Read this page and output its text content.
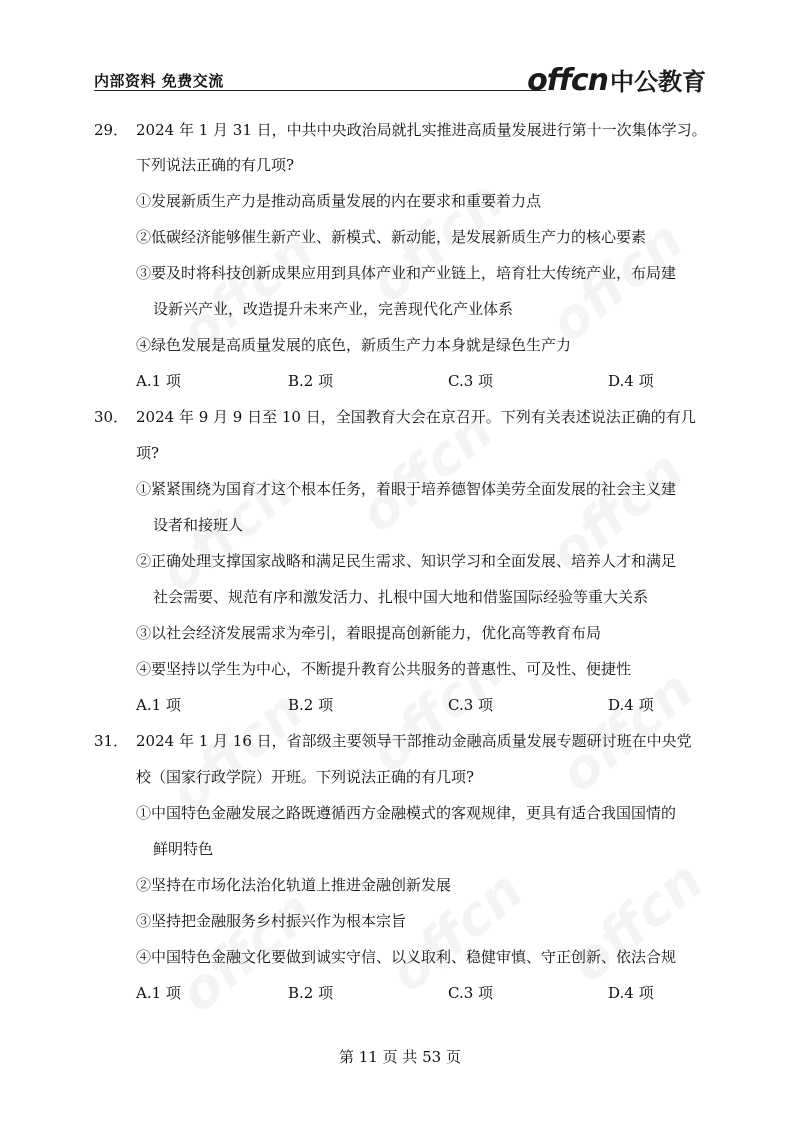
内部资料 免费交流	offcn中公教育
29． 2024 年 1 月 31 日，中共中央政治局就扎实推进高质量发展进行第十一次集体学习。
下列说法正确的有几项?
①发展新质生产力是推动高质量发展的内在要求和重要着力点
②低碳经济能够催生新产业、新模式、新动能，是发展新质生产力的核心要素
③要及时将科技创新成果应用到具体产业和产业链上，培育壮大传统产业，布局建
设新兴产业，改造提升未来产业，完善现代化产业体系
④绿色发展是高质量发展的底色，新质生产力本身就是绿色生产力
A.1 项	B.2 项	C.3 项	D.4 项
30． 2024 年 9 月 9 日至 10 日，全国教育大会在京召开。下列有关表述说法正确的有几
项?
①紧紧围绕为国育才这个根本任务，着眼于培养德智体美劳全面发展的社会主义建
设者和接班人
②正确处理支撑国家战略和满足民生需求、知识学习和全面发展、培养人才和满足
社会需要、规范有序和激发活力、扎根中国大地和借鉴国际经验等重大关系
③以社会经济发展需求为牵引，着眼提高创新能力，优化高等教育布局
④要坚持以学生为中心，不断提升教育公共服务的普惠性、可及性、便捷性
A.1 项	B.2 项	C.3 项	D.4 项
31． 2024 年 1 月 16 日，省部级主要领导干部推动金融高质量发展专题研讨班在中央党
校（国家行政学院）开班。下列说法正确的有几项?
①中国特色金融发展之路既遵循西方金融模式的客观规律，更具有适合我国国情的
鲜明特色
②坚持在市场化法治化轨道上推进金融创新发展
③坚持把金融服务乡村振兴作为根本宗旨
④中国特色金融文化要做到诚实守信、以义取利、稳健审慎、守正创新、依法合规
A.1 项	B.2 项	C.3 项	D.4 项
第 11 页 共 53 页
